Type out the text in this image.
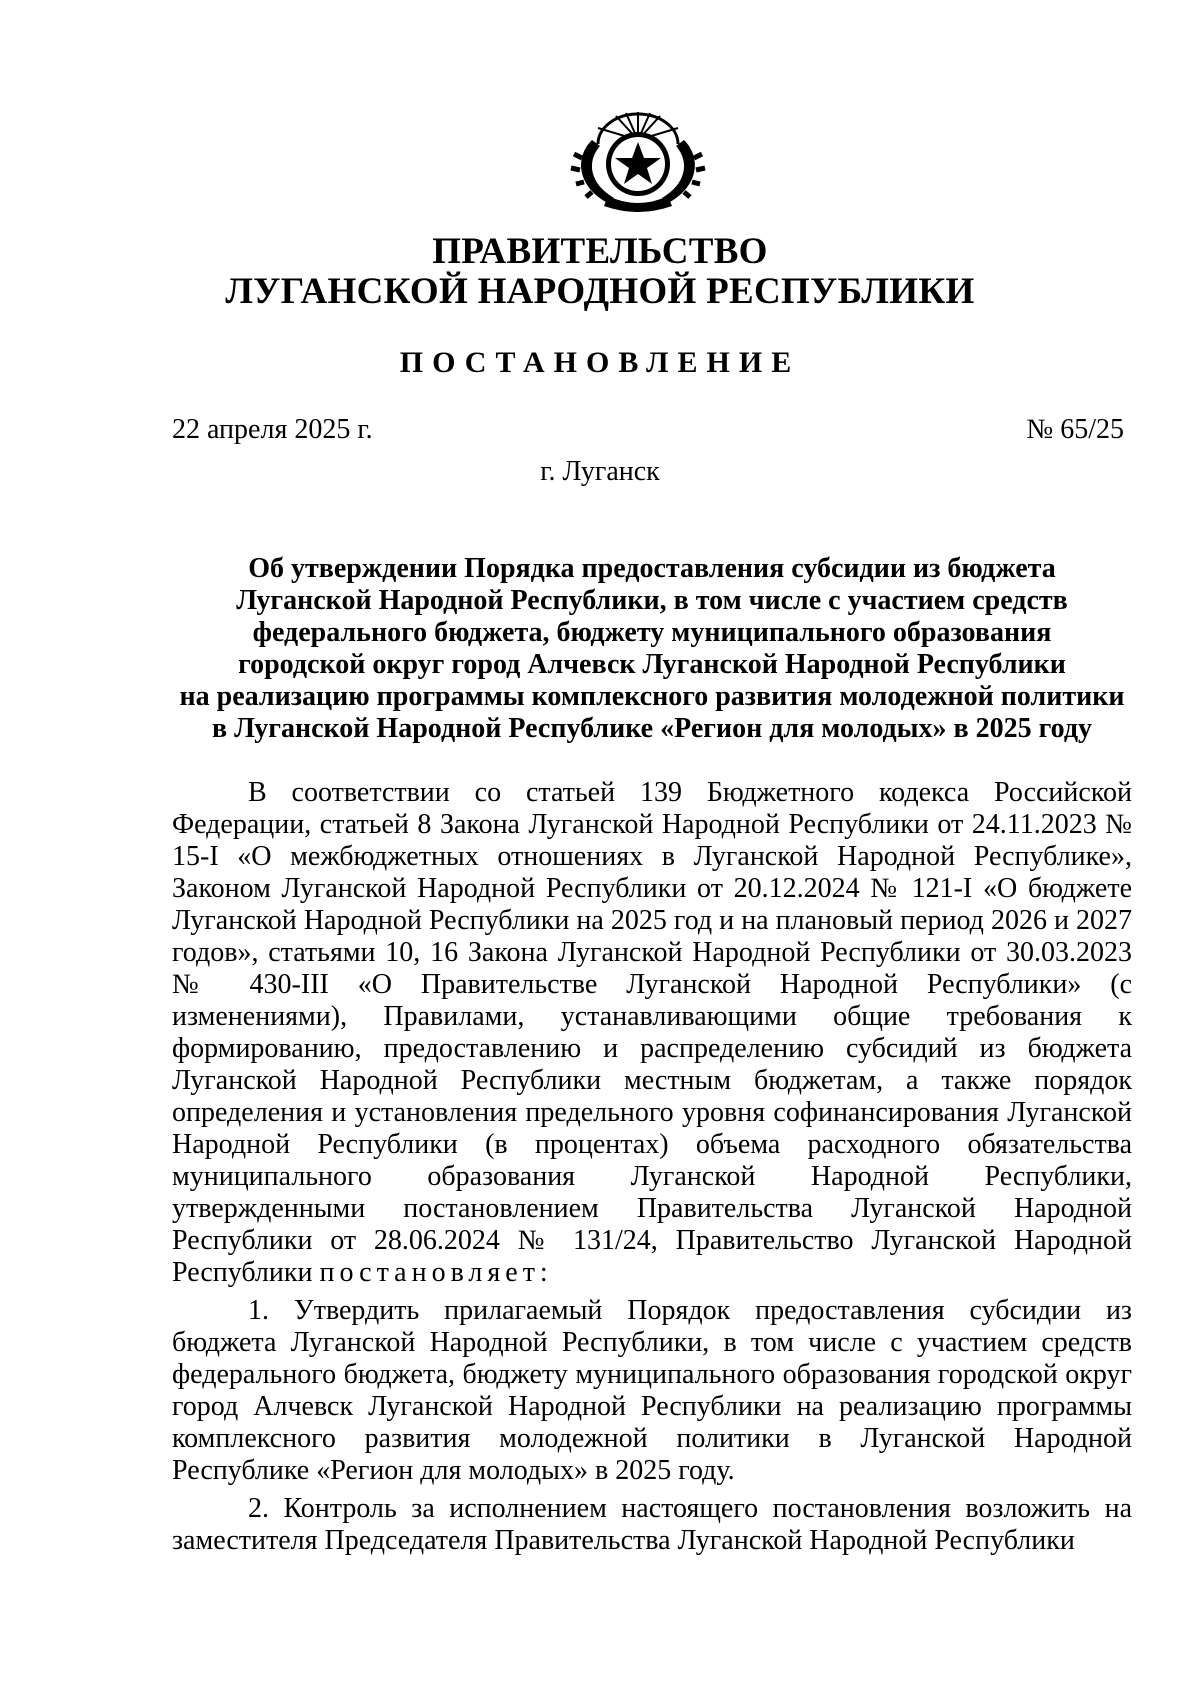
ПРАВИТЕЛЬСТВО
ЛУГАНСКОЙ НАРОДНОЙ РЕСПУБЛИКИ
ПОСТАНОВЛЕНИЕ
22 апреля 2025 г.	№ 65/25
г. Луганск
Об утверждении Порядка предоставления субсидии из бюджета
Луганской Народной Республики, в том числе с участием средств
федерального бюджета, бюджету муниципального образования
городской округ город Алчевск Луганской Народной Республики
на реализацию программы комплексного развития молодежной политики
в Луганской Народной Республике «Регион для молодых» в 2025 году

В соответствии со статьей 139 Бюджетного кодекса Российской Федерации, статьей 8 Закона Луганской Народной Республики от 24.11.2023 № 15-I «О межбюджетных отношениях в Луганской Народной Республике», Законом Луганской Народной Республики от 20.12.2024 № 121-I «О бюджете Луганской Народной Республики на 2025 год и на плановый период 2026 и 2027 годов», статьями 10, 16 Закона Луганской Народной Республики от 30.03.2023 № 430-III «О Правительстве Луганской Народной Республики» (с изменениями), Правилами, устанавливающими общие требования к формированию, предоставлению и распределению субсидий из бюджета Луганской Народной Республики местным бюджетам, а также порядок определения и установления предельного уровня софинансирования Луганской Народной Республики (в процентах) объема расходного обязательства муниципального образования Луганской Народной Республики, утвержденными постановлением Правительства Луганской Народной Республики от 28.06.2024 № 131/24, Правительство Луганской Народной Республики постановляет:

1. Утвердить прилагаемый Порядок предоставления субсидии из бюджета Луганской Народной Республики, в том числе с участием средств федерального бюджета, бюджету муниципального образования городской округ город Алчевск Луганской Народной Республики на реализацию программы комплексного развития молодежной политики в Луганской Народной Республике «Регион для молодых» в 2025 году.

2. Контроль за исполнением настоящего постановления возложить на заместителя Председателя Правительства Луганской Народной Республики
